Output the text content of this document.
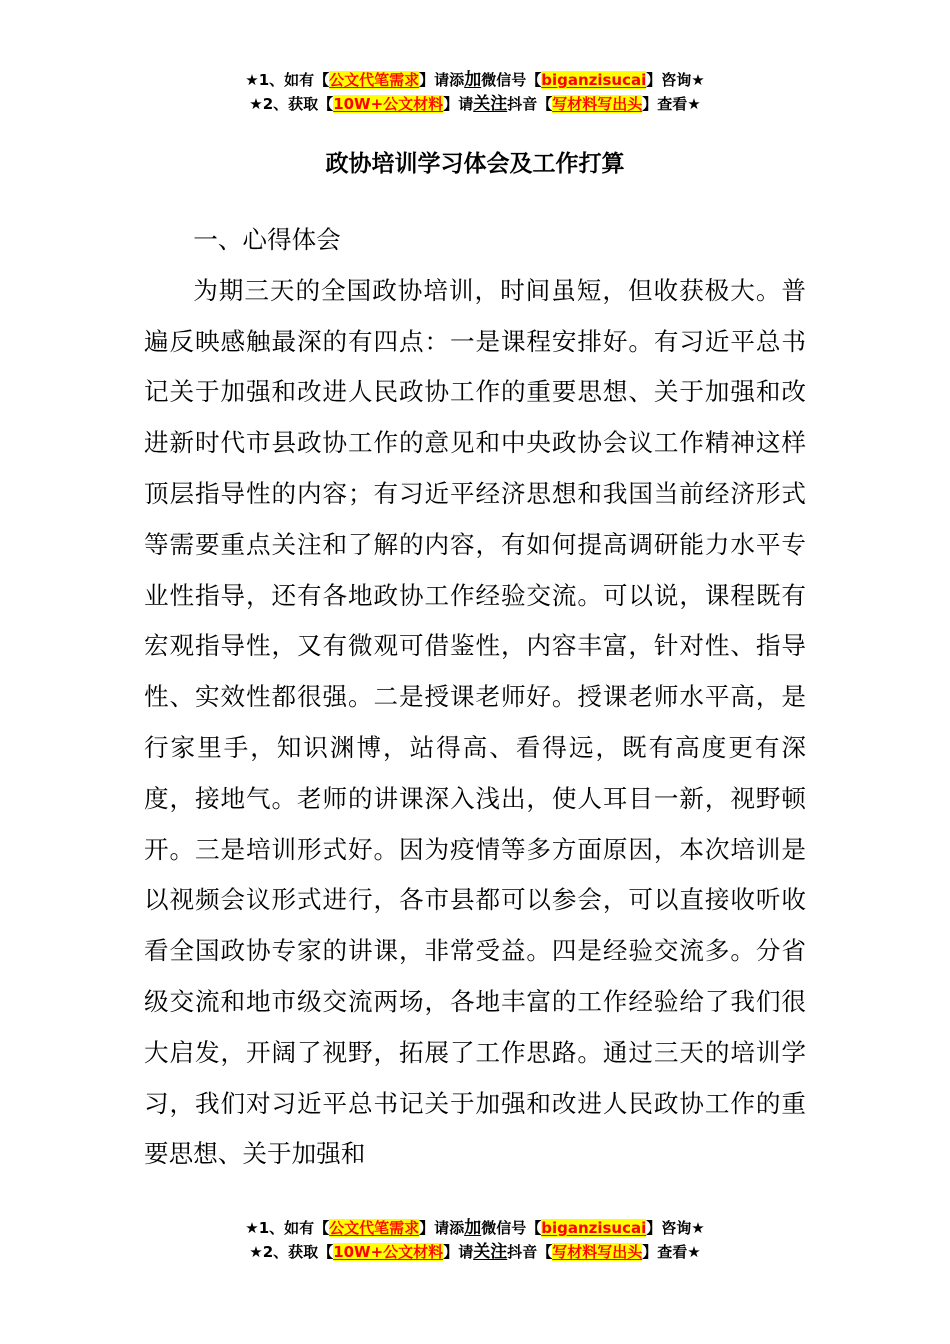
★1、如有【公文代笔需求】请添加微信号【biganzisucai】咨询★
★2、获取【10W+公文材料】请关注抖音【写材料写出头】查看★
政协培训学习体会及工作打算

一、心得体会

为期三天的全国政协培训，时间虽短，但收获极大。普遍反映感触最深的有四点：一是课程安排好。有习近平总书记关于加强和改进人民政协工作的重要思想、关于加强和改进新时代市县政协工作的意见和中央政协会议工作精神这样顶层指导性的内容；有习近平经济思想和我国当前经济形式等需要重点关注和了解的内容，有如何提高调研能力水平专业性指导，还有各地政协工作经验交流。可以说，课程既有宏观指导性，又有微观可借鉴性，内容丰富，针对性、指导性、实效性都很强。二是授课老师好。授课老师水平高，是行家里手，知识渊博，站得高、看得远，既有高度更有深度，接地气。老师的讲课深入浅出，使人耳目一新，视野顿开。三是培训形式好。因为疫情等多方面原因，本次培训是以视频会议形式进行，各市县都可以参会，可以直接收听收看全国政协专家的讲课，非常受益。四是经验交流多。分省级交流和地市级交流两场，各地丰富的工作经验给了我们很大启发，开阔了视野，拓展了工作思路。通过三天的培训学习，我们对习近平总书记关于加强和改进人民政协工作的重要思想、关于加强和

★1、如有【公文代笔需求】请添加微信号【biganzisucai】咨询★
★2、获取【10W+公文材料】请关注抖音【写材料写出头】查看★
